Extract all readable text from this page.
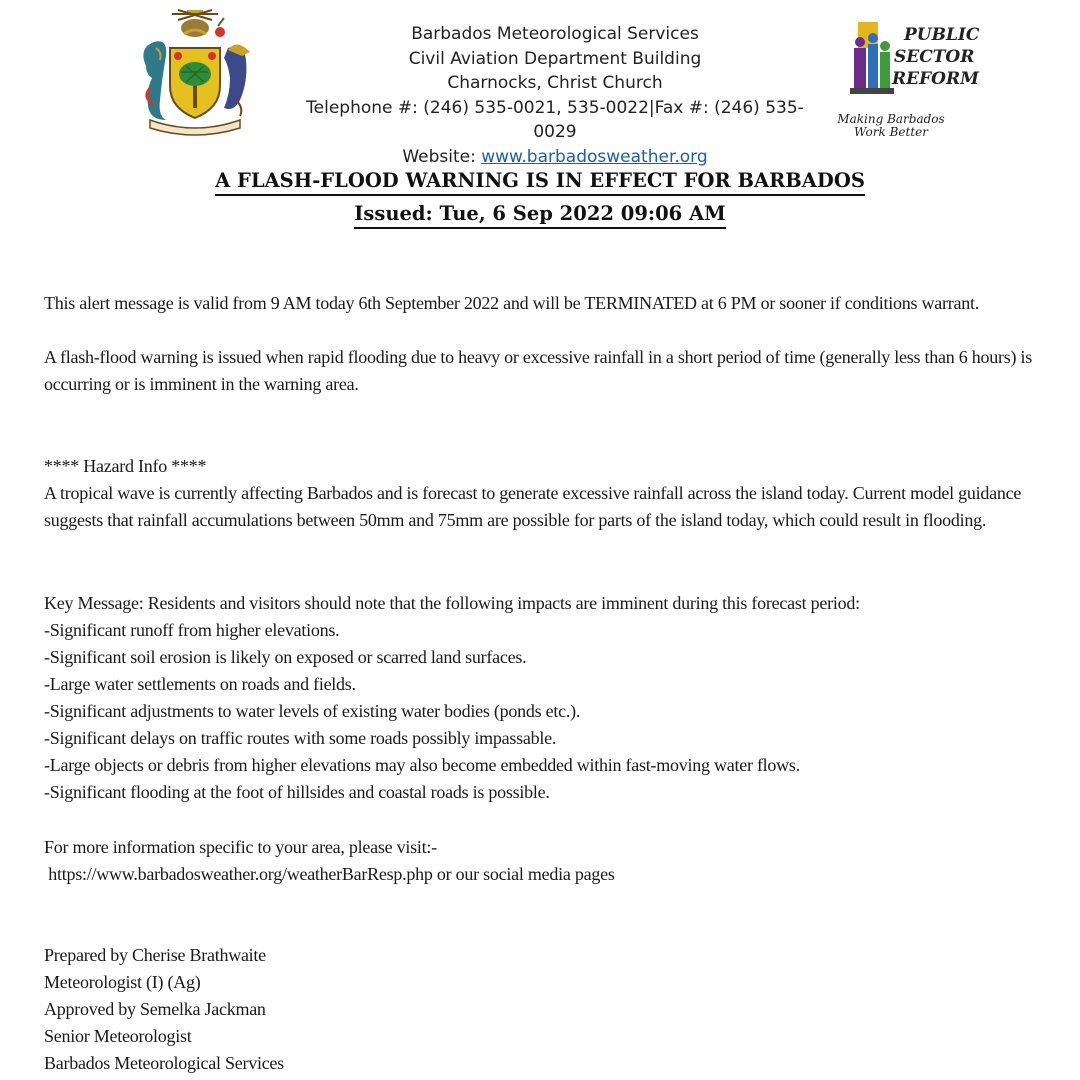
Barbados Meteorological Services
Civil Aviation Department Building
Charnocks, Christ Church
Telephone #: (246) 535-0021, 535-0022|Fax #: (246) 535-0029
Website: www.barbadosweather.org
PUBLIC
SECTOR
REFORM
Making Barbados
Work Better
A FLASH-FLOOD WARNING IS IN EFFECT FOR BARBADOS
Issued: Tue, 6 Sep 2022 09:06 AM

This alert message is valid from 9 AM today 6th September 2022 and will be TERMINATED at 6 PM or sooner if conditions warrant.

A flash-flood warning is issued when rapid flooding due to heavy or excessive rainfall in a short period of time (generally less than 6 hours) is occurring or is imminent in the warning area.

**** Hazard Info ****

A tropical wave is currently affecting Barbados and is forecast to generate excessive rainfall across the island today. Current model guidance suggests that rainfall accumulations between 50mm and 75mm are possible for parts of the island today, which could result in flooding.

Key Message: Residents and visitors should note that the following impacts are imminent during this forecast period:

-Significant runoff from higher elevations.

-Significant soil erosion is likely on exposed or scarred land surfaces.

-Large water settlements on roads and fields.

-Significant adjustments to water levels of existing water bodies (ponds etc.).

-Significant delays on traffic routes with some roads possibly impassable.

-Large objects or debris from higher elevations may also become embedded within fast-moving water flows.

-Significant flooding at the foot of hillsides and coastal roads is possible.

For more information specific to your area, please visit:-

https://www.barbadosweather.org/weatherBarResp.php or our social media pages

Prepared by Cherise Brathwaite

Meteorologist (I) (Ag)

Approved by Semelka Jackman

Senior Meteorologist

Barbados Meteorological Services
